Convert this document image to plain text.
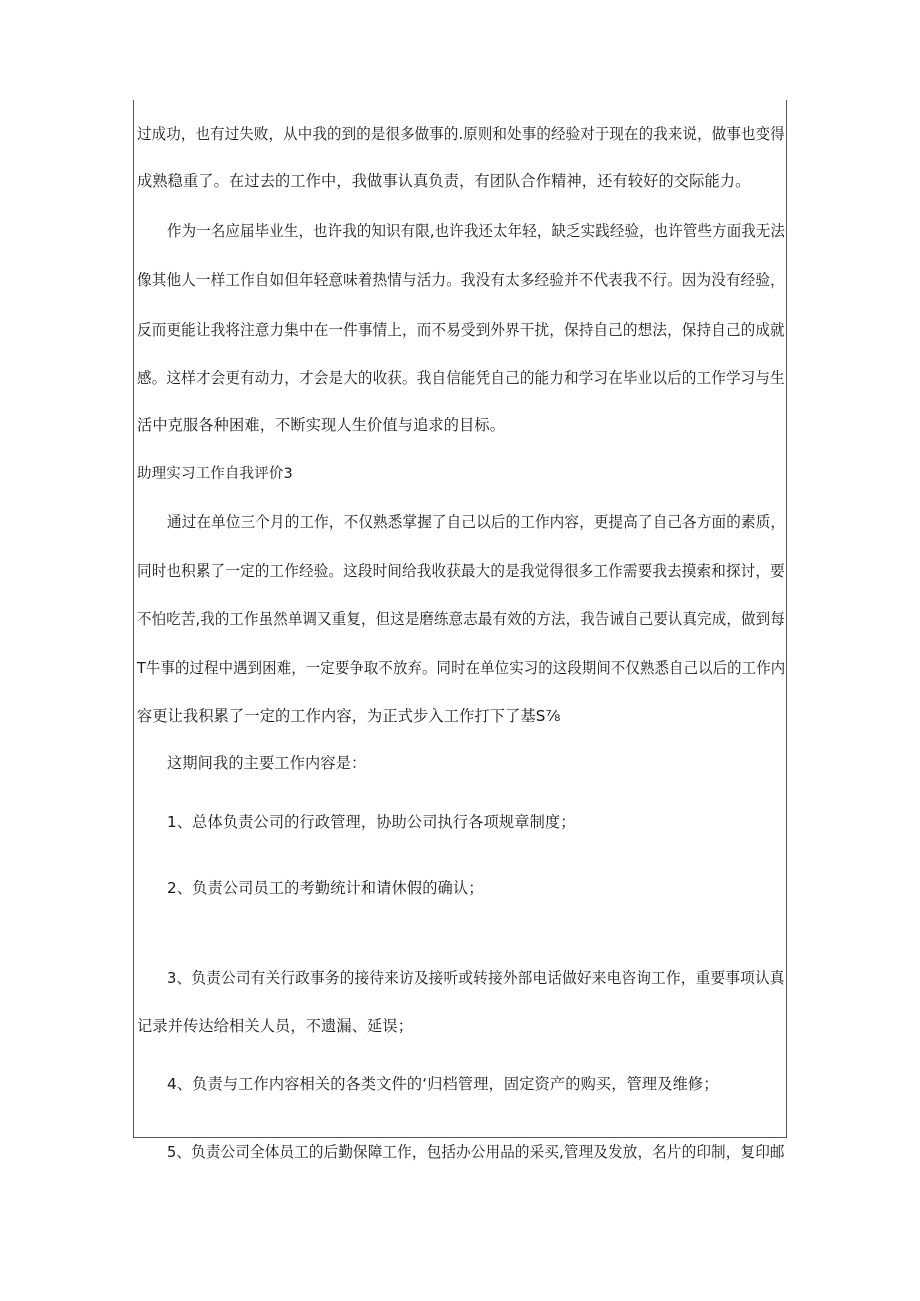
过成功，也有过失败，从中我的到的是很多做事的.原则和处事的经验对于现在的我来说，做事也变得
成熟稳重了。在过去的工作中，我做事认真负责，有团队合作精神，还有较好的交际能力。
作为一名应届毕业生，也许我的知识有限,也许我还太年轻，缺乏实践经验，也许管些方面我无法
像其他人一样工作自如但年轻意味着热情与活力。我没有太多经验并不代表我不行。因为没有经验，
反而更能让我将注意力集中在一件事情上，而不易受到外界干扰，保持自己的想法，保持自己的成就
感。这样才会更有动力，才会是大的收获。我自信能凭自己的能力和学习在毕业以后的工作学习与生
活中克服各种困难，不断实现人生价值与追求的目标。
助理实习工作自我评价3
通过在单位三个月的工作，不仅熟悉掌握了自己以后的工作内容，更提高了自己各方面的素质，
同时也积累了一定的工作经验。这段时间给我收获最大的是我觉得很多工作需要我去摸索和探讨，要
不怕吃苦,我的工作虽然单调又重复，但这是磨练意志最有效的方法，我告诫自己要认真完成，做到每
T牛事的过程中遇到困难，一定要争取不放弃。同时在单位实习的这段期间不仅熟悉自己以后的工作内
容更让我积累了一定的工作内容，为正式步入工作打下了基S⅞
这期间我的主要工作内容是：
1、总体负责公司的行政管理，协助公司执行各项规章制度；
2、负责公司员工的考勤统计和请休假的确认；
3、负责公司有关行政事务的接待来访及接听或转接外部电话做好来电咨询工作，重要事项认真
记录并传达给相关人员，不遗漏、延误；
4、负责与工作内容相关的各类文件的‘归档管理，固定资产的购买，管理及维修；
5、负责公司全体员工的后勤保障工作，包括办公用品的采买,管理及发放，名片的印制，复印邮
